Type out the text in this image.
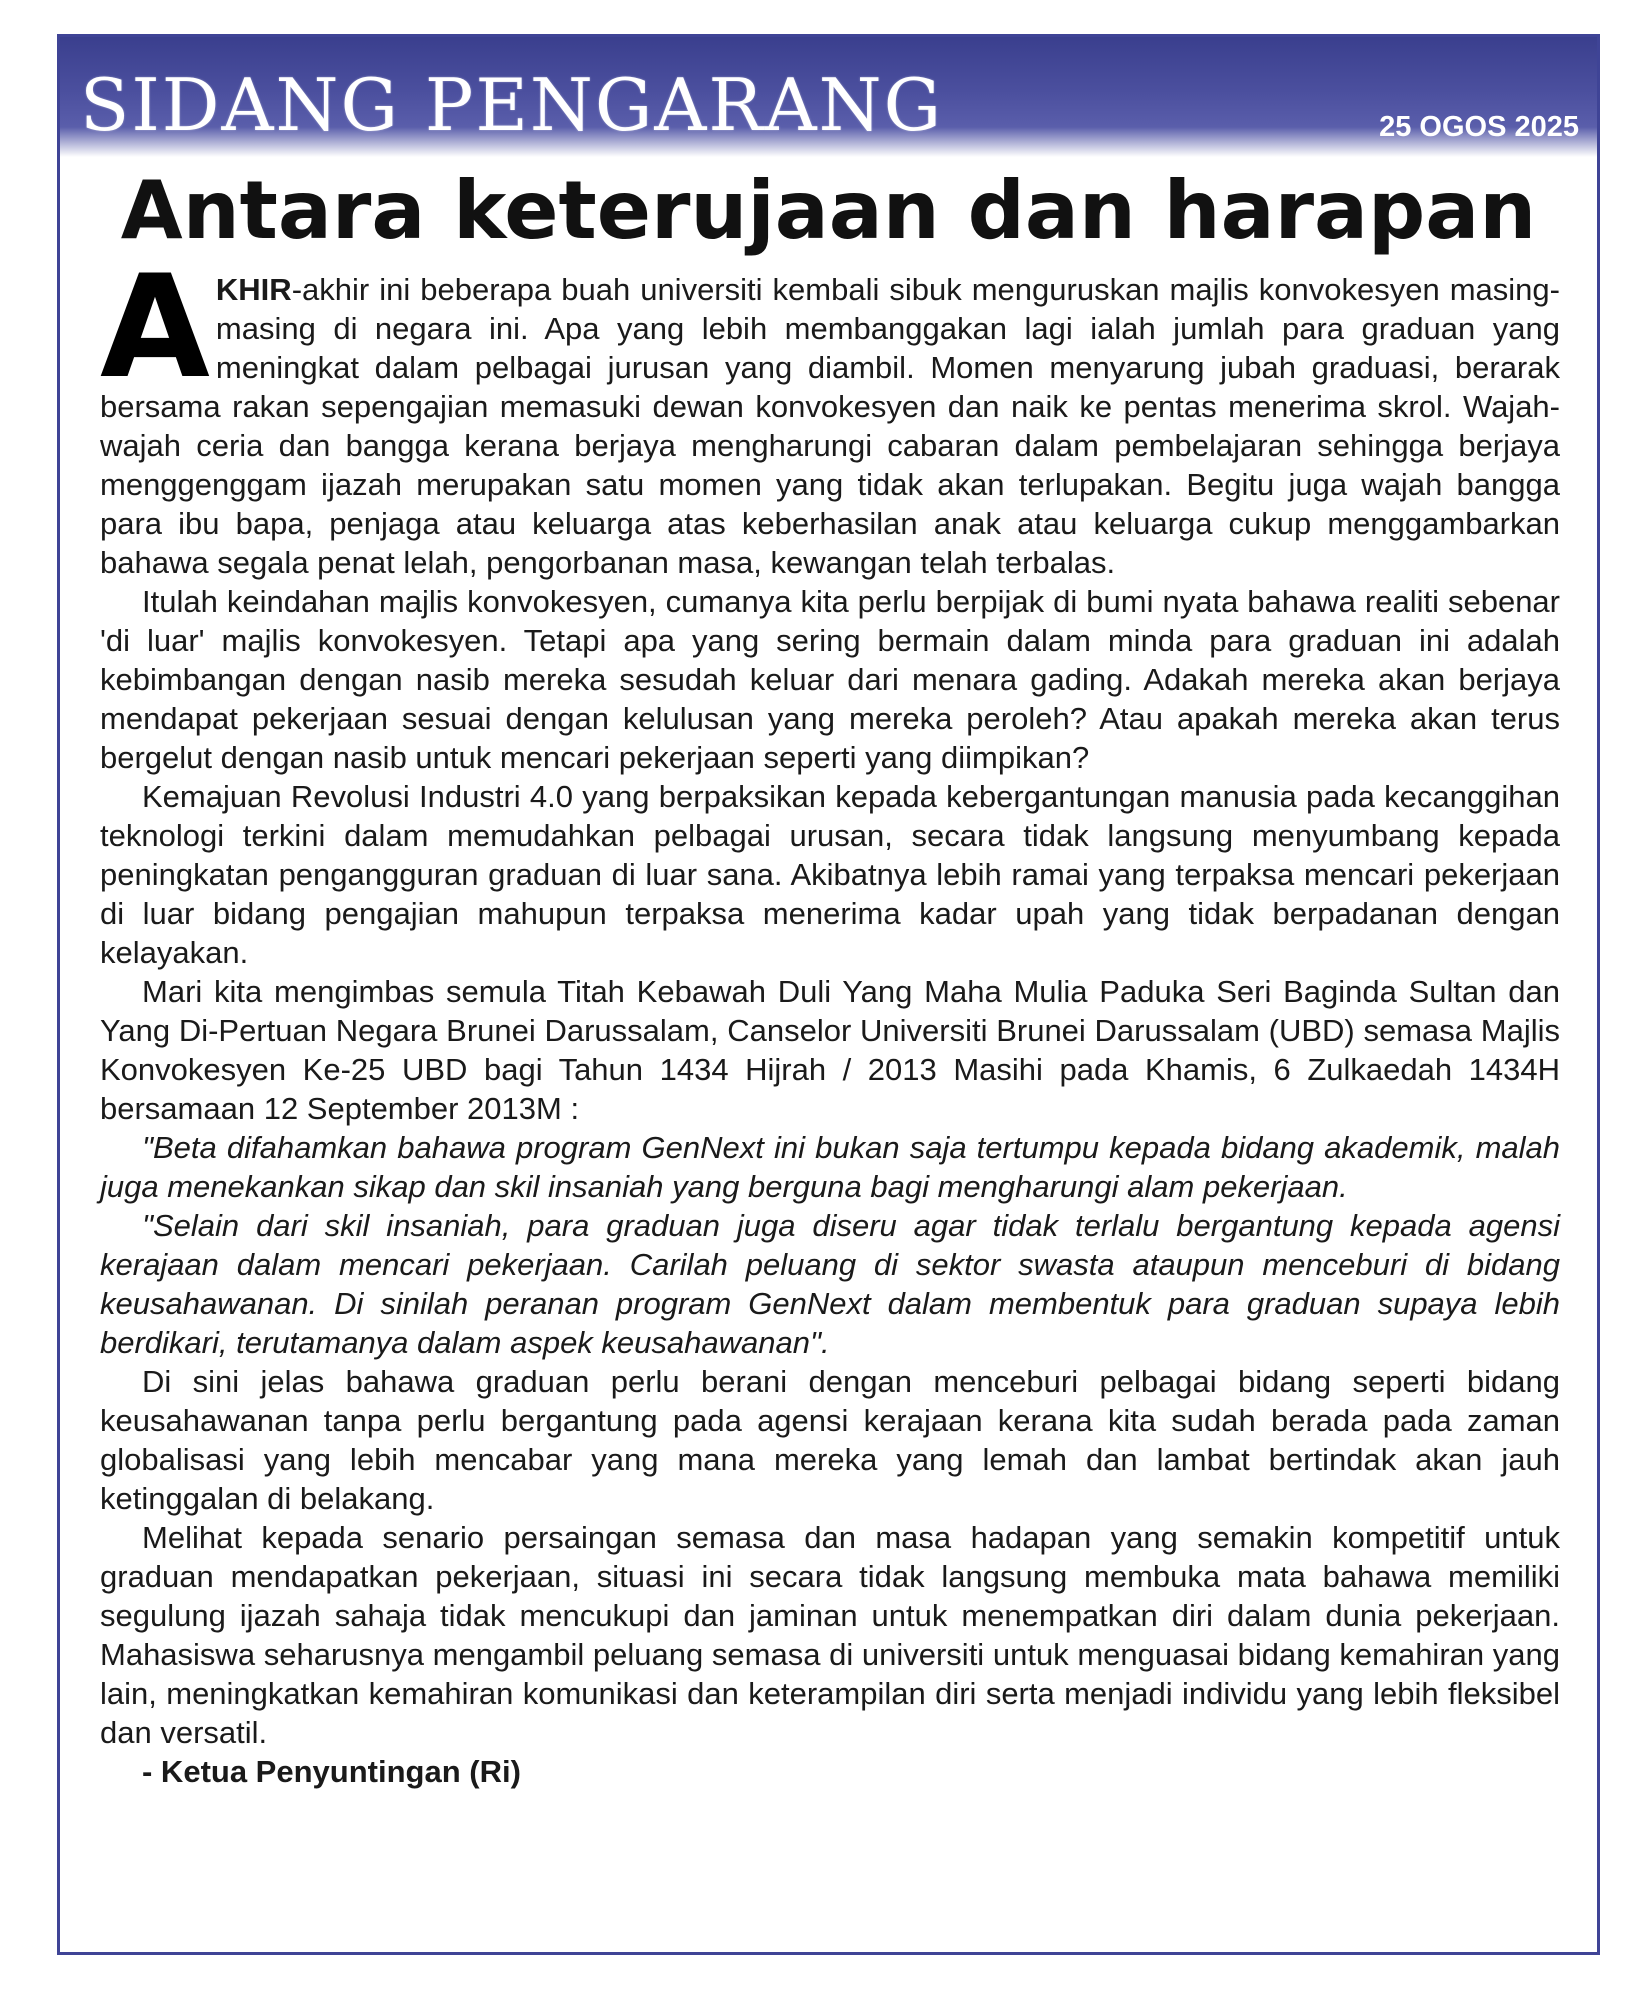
SIDANG PENGARANG	25 OGOS 2025
Antara keterujaan dan harapan

AKHIR-akhir ini beberapa buah universiti kembali sibuk menguruskan majlis konvokesyen masing-masing di negara ini. Apa yang lebih membanggakan lagi ialah jumlah para graduan yang meningkat dalam pelbagai jurusan yang diambil. Momen menyarung jubah graduasi, berarak bersama rakan sepengajian memasuki dewan konvokesyen dan naik ke pentas menerima skrol. Wajah-wajah ceria dan bangga kerana berjaya mengharungi cabaran dalam pembelajaran sehingga berjaya menggenggam ijazah merupakan satu momen yang tidak akan terlupakan. Begitu juga wajah bangga para ibu bapa, penjaga atau keluarga atas keberhasilan anak atau keluarga cukup menggambarkan bahawa segala penat lelah, pengorbanan masa, kewangan telah terbalas.

Itulah keindahan majlis konvokesyen, cumanya kita perlu berpijak di bumi nyata bahawa realiti sebenar 'di luar' majlis konvokesyen. Tetapi apa yang sering bermain dalam minda para graduan ini adalah kebimbangan dengan nasib mereka sesudah keluar dari menara gading. Adakah mereka akan berjaya mendapat pekerjaan sesuai dengan kelulusan yang mereka peroleh? Atau apakah mereka akan terus bergelut dengan nasib untuk mencari pekerjaan seperti yang diimpikan?

Kemajuan Revolusi Industri 4.0 yang berpaksikan kepada kebergantungan manusia pada kecanggihan teknologi terkini dalam memudahkan pelbagai urusan, secara tidak langsung menyumbang kepada peningkatan pengangguran graduan di luar sana. Akibatnya lebih ramai yang terpaksa mencari pekerjaan di luar bidang pengajian mahupun terpaksa menerima kadar upah yang tidak berpadanan dengan kelayakan.

Mari kita mengimbas semula Titah Kebawah Duli Yang Maha Mulia Paduka Seri Baginda Sultan dan Yang Di-Pertuan Negara Brunei Darussalam, Canselor Universiti Brunei Darussalam (UBD) semasa Majlis Konvokesyen Ke-25 UBD bagi Tahun 1434 Hijrah / 2013 Masihi pada Khamis, 6 Zulkaedah 1434H bersamaan 12 September 2013M :

"Beta difahamkan bahawa program GenNext ini bukan saja tertumpu kepada bidang akademik, malah juga menekankan sikap dan skil insaniah yang berguna bagi mengharungi alam pekerjaan.

"Selain dari skil insaniah, para graduan juga diseru agar tidak terlalu bergantung kepada agensi kerajaan dalam mencari pekerjaan. Carilah peluang di sektor swasta ataupun menceburi di bidang keusahawanan. Di sinilah peranan program GenNext dalam membentuk para graduan supaya lebih berdikari, terutamanya dalam aspek keusahawanan".

Di sini jelas bahawa graduan perlu berani dengan menceburi pelbagai bidang seperti bidang keusahawanan tanpa perlu bergantung pada agensi kerajaan kerana kita sudah berada pada zaman globalisasi yang lebih mencabar yang mana mereka yang lemah dan lambat bertindak akan jauh ketinggalan di belakang.

Melihat kepada senario persaingan semasa dan masa hadapan yang semakin kompetitif untuk graduan mendapatkan pekerjaan, situasi ini secara tidak langsung membuka mata bahawa memiliki segulung ijazah sahaja tidak mencukupi dan jaminan untuk menempatkan diri dalam dunia pekerjaan. Mahasiswa seharusnya mengambil peluang semasa di universiti untuk menguasai bidang kemahiran yang lain, meningkatkan kemahiran komunikasi dan keterampilan diri serta menjadi individu yang lebih fleksibel dan versatil.

- Ketua Penyuntingan (Ri)
